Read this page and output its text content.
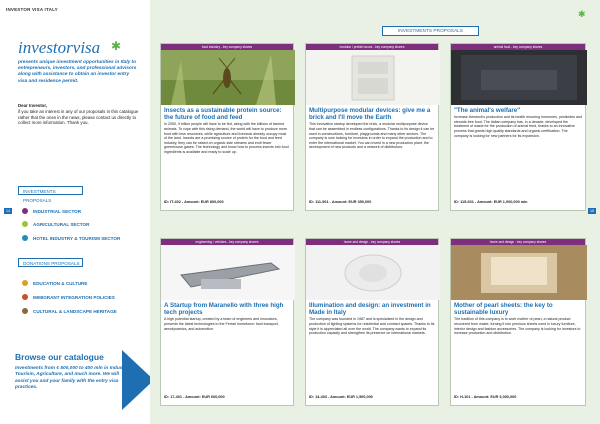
INVESTOR VISA ITALY
investorvisa ✱
presents unique investment opportunities in Italy to entrepreneurs, investors, and professional advisors along with assistance to obtain an investor entry visa and residence permit.
Dear Investor,
if you take an interest in any of our proposals in this catalogue rather that the ones in the news, please contact us directly to collect more information. Thank you.
INVESTMENTS PROPOSALS
INDUSTRIAL SECTOR
AGRICULTURAL SECTOR
HOTEL INDUSTRY & TOURISM SECTOR
DONATIONS PROPOSALS
EDUCATION & CULTURE
IMMIGRANT INTEGRATION POLICIES
CULTURAL & LANDSCAPE HERITAGE
Browse our catalogue
Investments from € 500,000 to 400 mln in Industry, Tourism, Agriculture, and much more. We will assist you and your family with the entry visa practices.
14
INVESTMENTS PROPOSALS
✱
15
food industry - key company shares
Insects as a sustainable protein source: the future of food and feed
In 2050, 9 billion people will have to be fed, along with the billions of farmed animals. To cope with this rising demand, the world will have to produce more food with less resources, while agriculture and livestock already occupy most of the land. Insects are a promising source of protein for the food and feed industry, they can be raised on organic side streams and emit fewer greenhouse gases. The technology and know how to process insects into food ingredients is available and ready to scale up.
ID: IT-402 - Amount: EUR 800,000
modular / prefab house - key company shares
Multipurpose modular devices: give me a brick and I'll move the Earth
This innovative startup developed the brick, a modular multipurpose device that can be assembled in endless configurations. Thanks to its design it can be used in constructions, furniture, playgrounds and many other sectors. The company is now looking for investors in order to expand the production and to enter the international market. You can invest in a new production plant, the development of new products and a network of distributors.
ID: 111-501 - Amount: EUR 350,000
animal food - key company shares
"The animal's welfare"
Increase livestock's production and its health ensuring hormones, pesticides and steroids free food. The Italian company has, in a decade, developed the treatment of waste for the production of animal feed, thanks to an innovative process that grants high quality standards and organic certification. The company is looking for new partners for its expansion.
ID: 115-601 - Amount: EUR 1,000,000 mln
engineering / vehicles - key company shares
A Startup from Maranello with three high tech projects
A high potential startup, created by a team of engineers and innovators, presents the latest technologies to the Ferrari hometown: food transport, aerodynamics, and automotive.
ID: 17-401 - Amount: EUR 600,000
home and design - key company shares
Illumination and design: an investment in Made in Italy
The company was founded in 1987 and is specialized in the design and production of lighting systems for residential and contract spaces. Thanks to its style it is appreciated all over the world. The company wants to expand its production capacity and strengthen its presence on international markets.
ID: 14-403 - Amount: EUR 1,500,000
home and design - key company shares
Mother of pearl sheets: the key to sustainable luxury
The tradition of this company is to work mother of pearl, a natural product recovered from waste, turning it into precious sheets used in luxury furniture, interior design and fashion accessories. The company is looking for investors to increase production and distribution.
ID: H-101 - Amount: EUR 3,000,000
